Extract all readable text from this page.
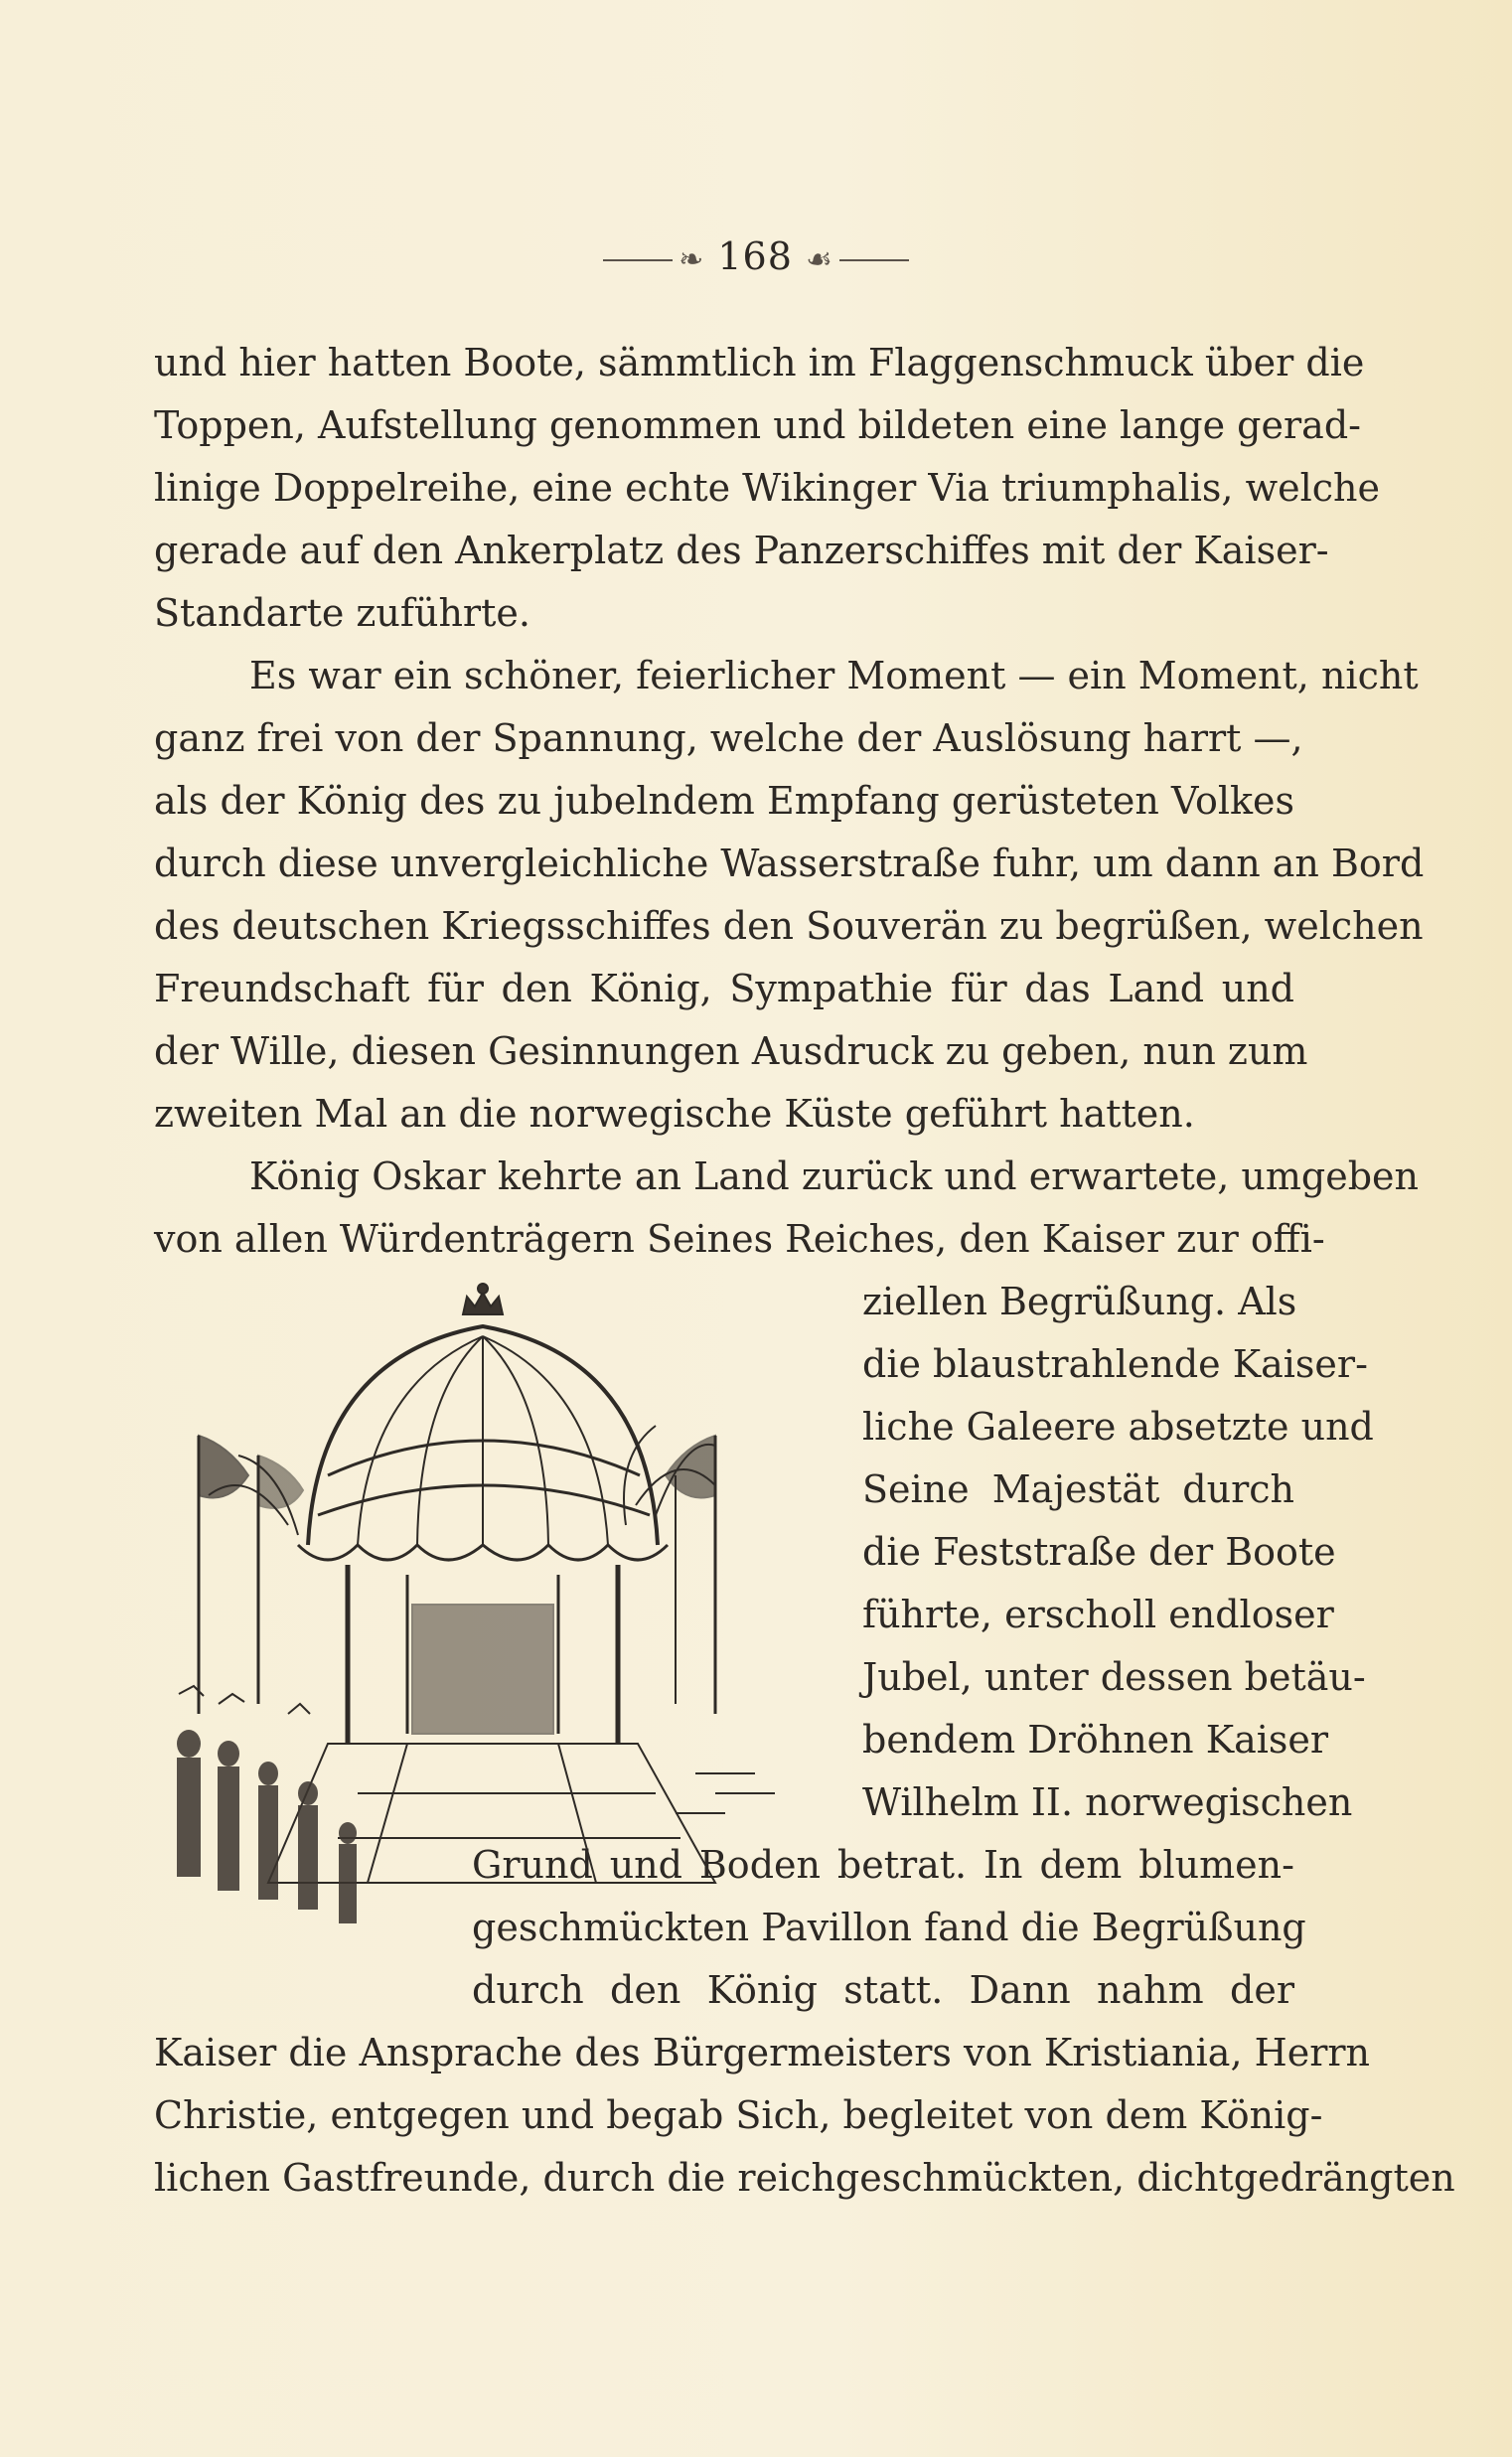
❧ 168 ☙
und hier hatten Boote, sämmtlich im Flaggenschmuck über die
Toppen, Aufstellung genommen und bildeten eine lange gerad-
linige Doppelreihe, eine echte Wikinger Via triumphalis, welche
gerade auf den Ankerplatz des Panzerschiffes mit der Kaiser-
Standarte zuführte.
Es war ein schöner, feierlicher Moment — ein Moment, nicht
ganz frei von der Spannung, welche der Auslösung harrt —,
als der König des zu jubelndem Empfang gerüsteten Volkes
durch diese unvergleichliche Wasserstraße fuhr, um dann an Bord
des deutschen Kriegsschiffes den Souverän zu begrüßen, welchen
Freundschaft für den König, Sympathie für das Land und
der Wille, diesen Gesinnungen Ausdruck zu geben, nun zum
zweiten Mal an die norwegische Küste geführt hatten.
König Oskar kehrte an Land zurück und erwartete, umgeben
von allen Würdenträgern Seines Reiches, den Kaiser zur offi-
ziellen Begrüßung. Als
die blaustrahlende Kaiser-
liche Galeere absetzte und
Seine Majestät durch
die Feststraße der Boote
führte, erscholl endloser
Jubel, unter dessen betäu-
bendem Dröhnen Kaiser
Wilhelm II. norwegischen
Grund und Boden betrat. In dem blumen-
geschmückten Pavillon fand die Begrüßung
durch den König statt. Dann nahm der
Kaiser die Ansprache des Bürgermeisters von Kristiania, Herrn
Christie, entgegen und begab Sich, begleitet von dem König-
lichen Gastfreunde, durch die reichgeschmückten, dichtgedrängten
